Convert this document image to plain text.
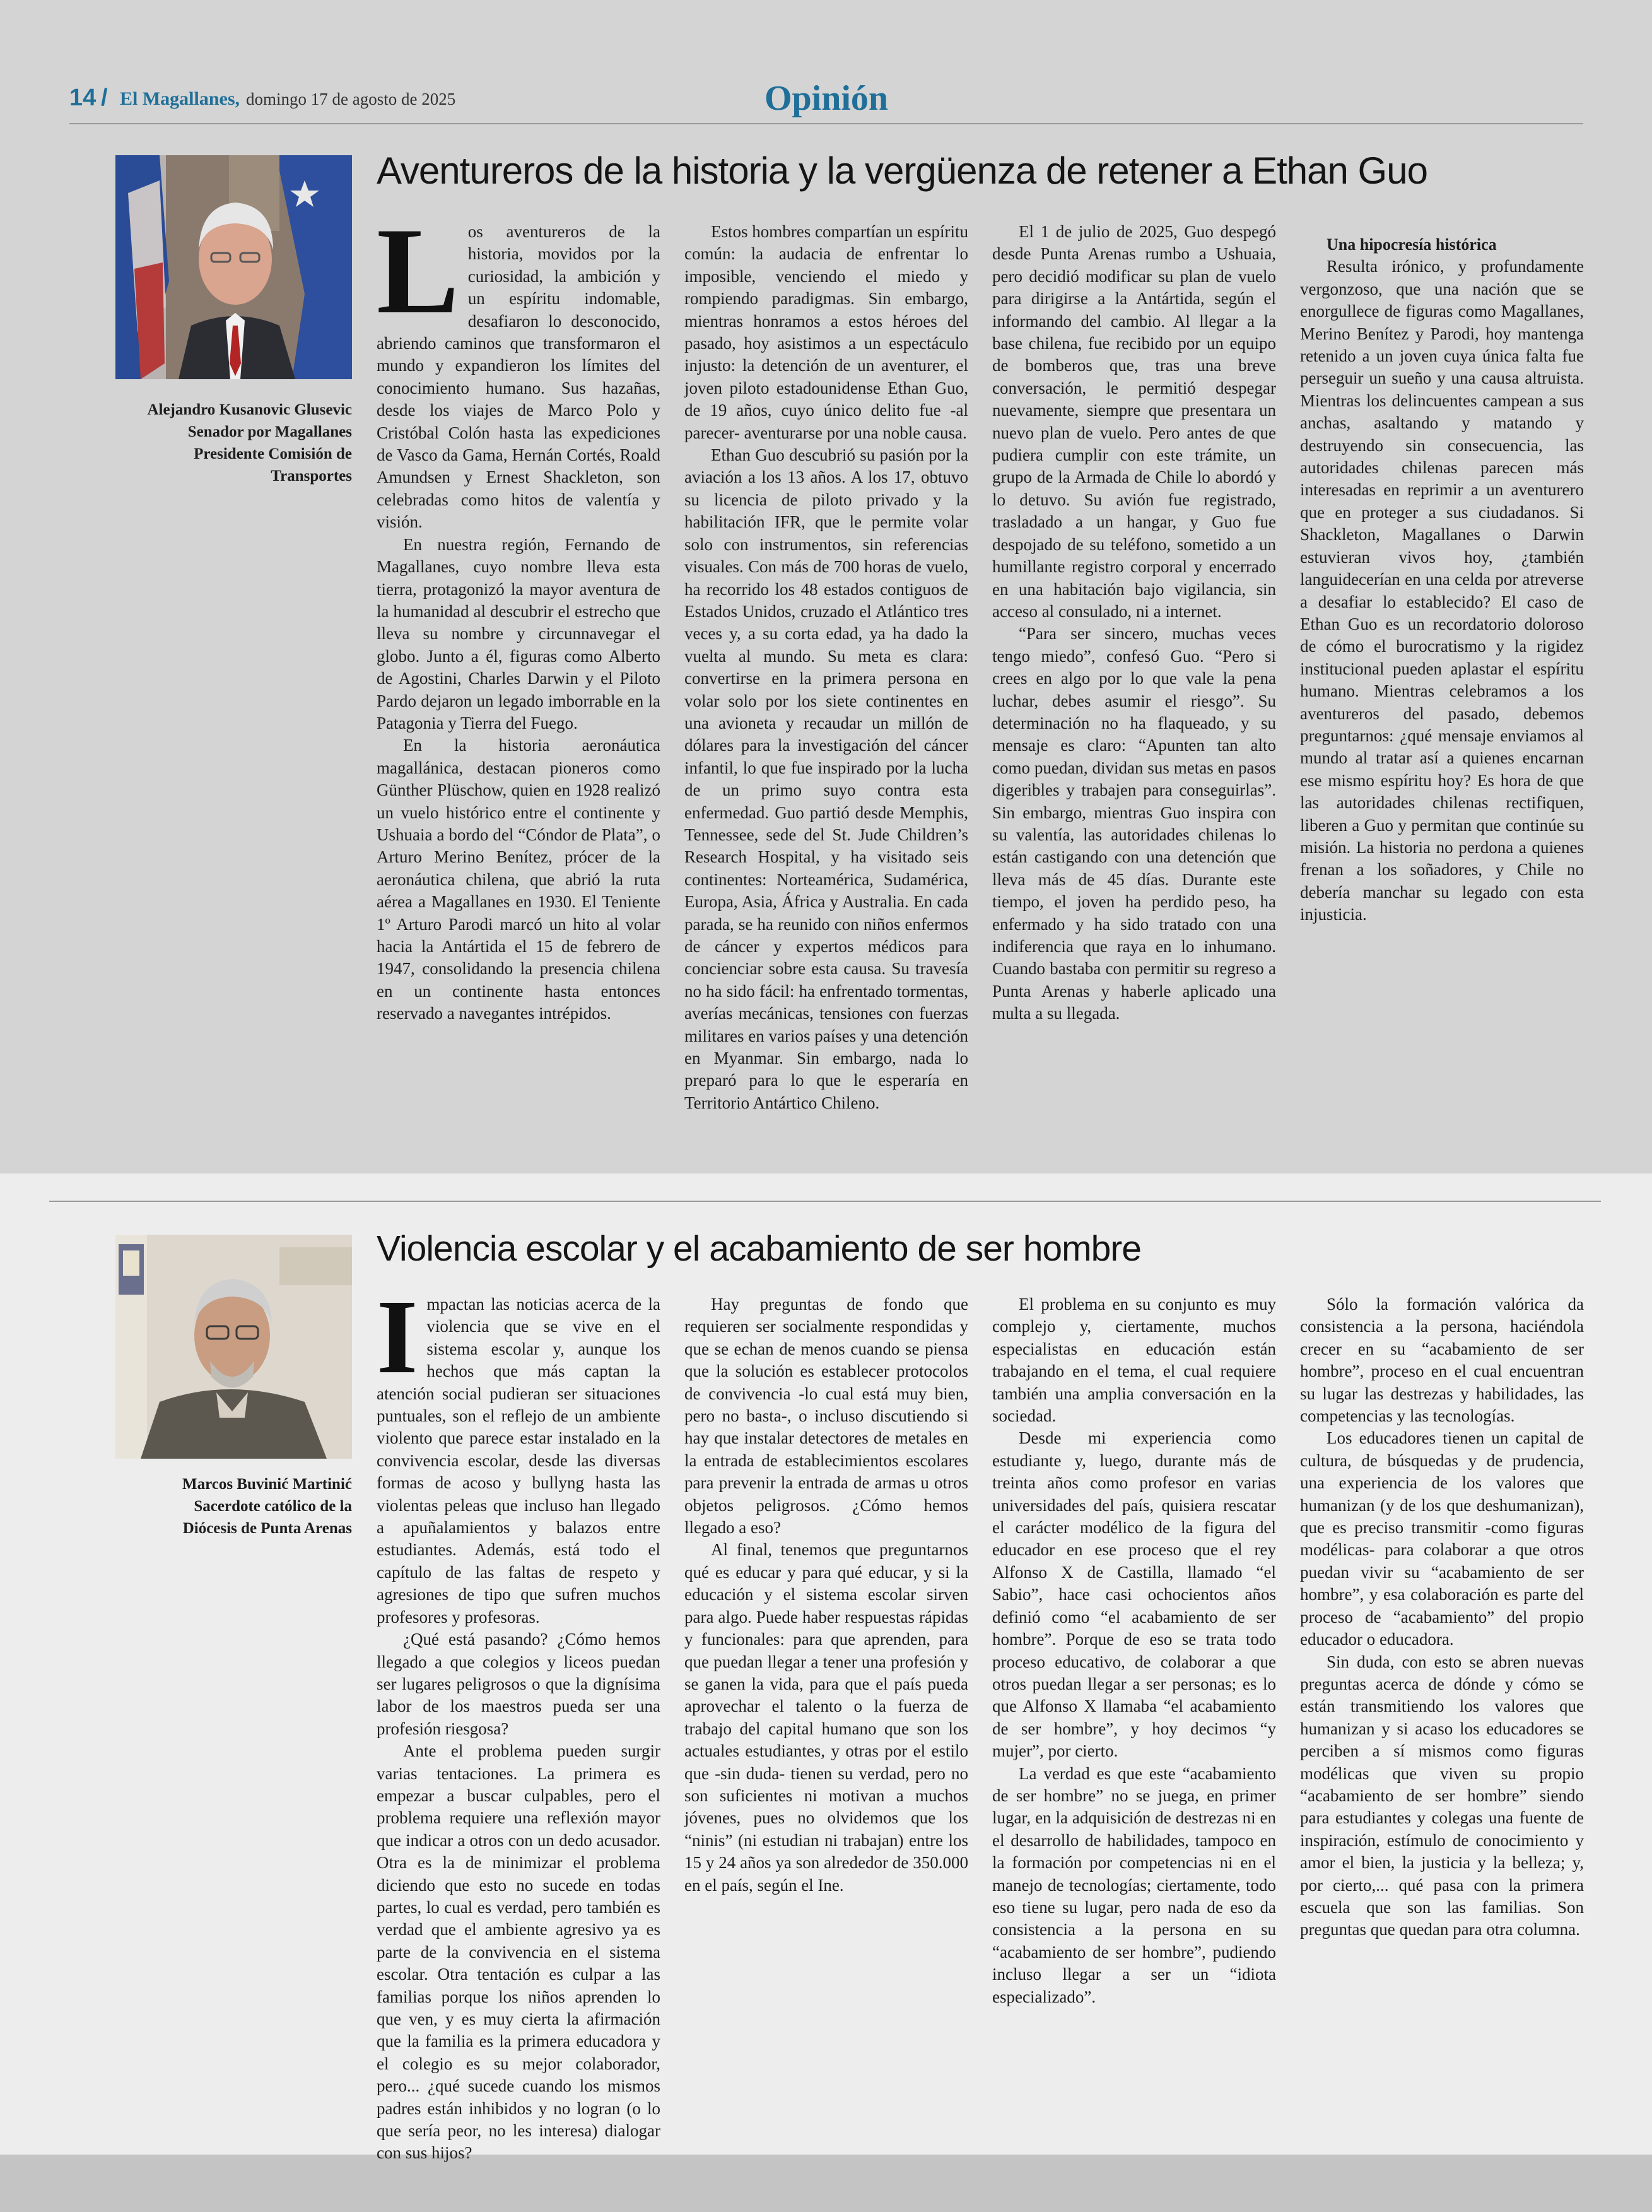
14 / El Magallanes, domingo 17 de agosto de 2025	Opinión
Alejandro Kusanovic Glusevic
Senador por Magallanes
Presidente Comisión de
Transportes
Aventureros de la historia y la vergüenza de retener a Ethan Guo

Los aventureros de la historia, movidos por la curiosidad, la ambición y un espíritu indomable, desafiaron lo desconocido, abriendo caminos que transformaron el mundo y expandieron los límites del conocimiento humano. Sus hazañas, desde los viajes de Marco Polo y Cristóbal Colón hasta las expediciones de Vasco da Gama, Hernán Cortés, Roald Amundsen y Ernest Shackleton, son celebradas como hitos de valentía y visión.

En nuestra región, Fernando de Magallanes, cuyo nombre lleva esta tierra, protagonizó la mayor aventura de la humanidad al descubrir el estrecho que lleva su nombre y circunnavegar el globo. Junto a él, figuras como Alberto de Agostini, Charles Darwin y el Piloto Pardo dejaron un legado imborrable en la Patagonia y Tierra del Fuego.

En la historia aeronáutica magallánica, destacan pioneros como Günther Plüschow, quien en 1928 realizó un vuelo histórico entre el continente y Ushuaia a bordo del “Cóndor de Plata”, o Arturo Merino Benítez, prócer de la aeronáutica chilena, que abrió la ruta aérea a Magallanes en 1930. El Teniente 1º Arturo Parodi marcó un hito al volar hacia la Antártida el 15 de febrero de 1947, consolidando la presencia chilena en un continente hasta entonces reservado a navegantes intrépidos.

Estos hombres compartían un espíritu común: la audacia de enfrentar lo imposible, venciendo el miedo y rompiendo paradigmas. Sin embargo, mientras honramos a estos héroes del pasado, hoy asistimos a un espectáculo injusto: la detención de un aventurer, el joven piloto estadounidense Ethan Guo, de 19 años, cuyo único delito fue -al parecer- aventurarse por una noble causa.

Ethan Guo descubrió su pasión por la aviación a los 13 años. A los 17, obtuvo su licencia de piloto privado y la habilitación IFR, que le permite volar solo con instrumentos, sin referencias visuales. Con más de 700 horas de vuelo, ha recorrido los 48 estados contiguos de Estados Unidos, cruzado el Atlántico tres veces y, a su corta edad, ya ha dado la vuelta al mundo. Su meta es clara: convertirse en la primera persona en volar solo por los siete continentes en una avioneta y recaudar un millón de dólares para la investigación del cáncer infantil, lo que fue inspirado por la lucha de un primo suyo contra esta enfermedad. Guo partió desde Memphis, Tennessee, sede del St. Jude Children’s Research Hospital, y ha visitado seis continentes: Norteamérica, Sudamérica, Europa, Asia, África y Australia. En cada parada, se ha reunido con niños enfermos de cáncer y expertos médicos para concienciar sobre esta causa. Su travesía no ha sido fácil: ha enfrentado tormentas, averías mecánicas, tensiones con fuerzas militares en varios países y una detención en Myanmar. Sin embargo, nada lo preparó para lo que le esperaría en Territorio Antártico Chileno.

El 1 de julio de 2025, Guo despegó desde Punta Arenas rumbo a Ushuaia, pero decidió modificar su plan de vuelo para dirigirse a la Antártida, según el informando del cambio. Al llegar a la base chilena, fue recibido por un equipo de bomberos que, tras una breve conversación, le permitió despegar nuevamente, siempre que presentara un nuevo plan de vuelo. Pero antes de que pudiera cumplir con este trámite, un grupo de la Armada de Chile lo abordó y lo detuvo. Su avión fue registrado, trasladado a un hangar, y Guo fue despojado de su teléfono, sometido a un humillante registro corporal y encerrado en una habitación bajo vigilancia, sin acceso al consulado, ni a internet.

“Para ser sincero, muchas veces tengo miedo”, confesó Guo. “Pero si crees en algo por lo que vale la pena luchar, debes asumir el riesgo”. Su determinación no ha flaqueado, y su mensaje es claro: “Apunten tan alto como puedan, dividan sus metas en pasos digeribles y trabajen para conseguirlas”. Sin embargo, mientras Guo inspira con su valentía, las autoridades chilenas lo están castigando con una detención que lleva más de 45 días. Durante este tiempo, el joven ha perdido peso, ha enfermado y ha sido tratado con una indiferencia que raya en lo inhumano. Cuando bastaba con permitir su regreso a Punta Arenas y haberle aplicado una multa a su llegada.

Una hipocresía histórica

Resulta irónico, y profundamente vergonzoso, que una nación que se enorgullece de figuras como Magallanes, Merino Benítez y Parodi, hoy mantenga retenido a un joven cuya única falta fue perseguir un sueño y una causa altruista. Mientras los delincuentes campean a sus anchas, asaltando y matando y destruyendo sin consecuencia, las autoridades chilenas parecen más interesadas en reprimir a un aventurero que en proteger a sus ciudadanos. Si Shackleton, Magallanes o Darwin estuvieran vivos hoy, ¿también languidecerían en una celda por atreverse a desafiar lo establecido? El caso de Ethan Guo es un recordatorio doloroso de cómo el burocratismo y la rigidez institucional pueden aplastar el espíritu humano. Mientras celebramos a los aventureros del pasado, debemos preguntarnos: ¿qué mensaje enviamos al mundo al tratar así a quienes encarnan ese mismo espíritu hoy? Es hora de que las autoridades chilenas rectifiquen, liberen a Guo y permitan que continúe su misión. La historia no perdona a quienes frenan a los soñadores, y Chile no debería manchar su legado con esta injusticia.

Marcos Buvinić Martinić
Sacerdote católico de la
Diócesis de Punta Arenas
Violencia escolar y el acabamiento de ser hombre

Impactan las noticias acerca de la violencia que se vive en el sistema escolar y, aunque los hechos que más captan la atención social pudieran ser situaciones puntuales, son el reflejo de un ambiente violento que parece estar instalado en la convivencia escolar, desde las diversas formas de acoso y bullyng hasta las violentas peleas que incluso han llegado a apuñalamientos y balazos entre estudiantes. Además, está todo el capítulo de las faltas de respeto y agresiones de tipo que sufren muchos profesores y profesoras.

¿Qué está pasando? ¿Cómo hemos llegado a que colegios y liceos puedan ser lugares peligrosos o que la dignísima labor de los maestros pueda ser una profesión riesgosa?

Ante el problema pueden surgir varias tentaciones. La primera es empezar a buscar culpables, pero el problema requiere una reflexión mayor que indicar a otros con un dedo acusador. Otra es la de minimizar el problema diciendo que esto no sucede en todas partes, lo cual es verdad, pero también es verdad que el ambiente agresivo ya es parte de la convivencia en el sistema escolar. Otra tentación es culpar a las familias porque los niños aprenden lo que ven, y es muy cierta la afirmación que la familia es la primera educadora y el colegio es su mejor colaborador, pero... ¿qué sucede cuando los mismos padres están inhibidos y no logran (o lo que sería peor, no les interesa) dialogar con sus hijos?

Hay preguntas de fondo que requieren ser socialmente respondidas y que se echan de menos cuando se piensa que la solución es establecer protocolos de convivencia -lo cual está muy bien, pero no basta-, o incluso discutiendo si hay que instalar detectores de metales en la entrada de establecimientos escolares para prevenir la entrada de armas u otros objetos peligrosos. ¿Cómo hemos llegado a eso?

Al final, tenemos que preguntarnos qué es educar y para qué educar, y si la educación y el sistema escolar sirven para algo. Puede haber respuestas rápidas y funcionales: para que aprenden, para que puedan llegar a tener una profesión y se ganen la vida, para que el país pueda aprovechar el talento o la fuerza de trabajo del capital humano que son los actuales estudiantes, y otras por el estilo que -sin duda- tienen su verdad, pero no son suficientes ni motivan a muchos jóvenes, pues no olvidemos que los “ninis” (ni estudian ni trabajan) entre los 15 y 24 años ya son alrededor de 350.000 en el país, según el Ine.

El problema en su conjunto es muy complejo y, ciertamente, muchos especialistas en educación están trabajando en el tema, el cual requiere también una amplia conversación en la sociedad.

Desde mi experiencia como estudiante y, luego, durante más de treinta años como profesor en varias universidades del país, quisiera rescatar el carácter modélico de la figura del educador en ese proceso que el rey Alfonso X de Castilla, llamado “el Sabio”, hace casi ochocientos años definió como “el acabamiento de ser hombre”. Porque de eso se trata todo proceso educativo, de colaborar a que otros puedan llegar a ser personas; es lo que Alfonso X llamaba “el acabamiento de ser hombre”, y hoy decimos “y mujer”, por cierto.

La verdad es que este “acabamiento de ser hombre” no se juega, en primer lugar, en la adquisición de destrezas ni en el desarrollo de habilidades, tampoco en la formación por competencias ni en el manejo de tecnologías; ciertamente, todo eso tiene su lugar, pero nada de eso da consistencia a la persona en su “acabamiento de ser hombre”, pudiendo incluso llegar a ser un “idiota especializado”.

Sólo la formación valórica da consistencia a la persona, haciéndola crecer en su “acabamiento de ser hombre”, proceso en el cual encuentran su lugar las destrezas y habilidades, las competencias y las tecnologías.

Los educadores tienen un capital de cultura, de búsquedas y de prudencia, una experiencia de los valores que humanizan (y de los que deshumanizan), que es preciso transmitir -como figuras modélicas- para colaborar a que otros puedan vivir su “acabamiento de ser hombre”, y esa colaboración es parte del proceso de “acabamiento” del propio educador o educadora.

Sin duda, con esto se abren nuevas preguntas acerca de dónde y cómo se están transmitiendo los valores que humanizan y si acaso los educadores se perciben a sí mismos como figuras modélicas que viven su propio “acabamiento de ser hombre” siendo para estudiantes y colegas una fuente de inspiración, estímulo de conocimiento y amor el bien, la justicia y la belleza; y, por cierto,... qué pasa con la primera escuela que son las familias. Son preguntas que quedan para otra columna.
